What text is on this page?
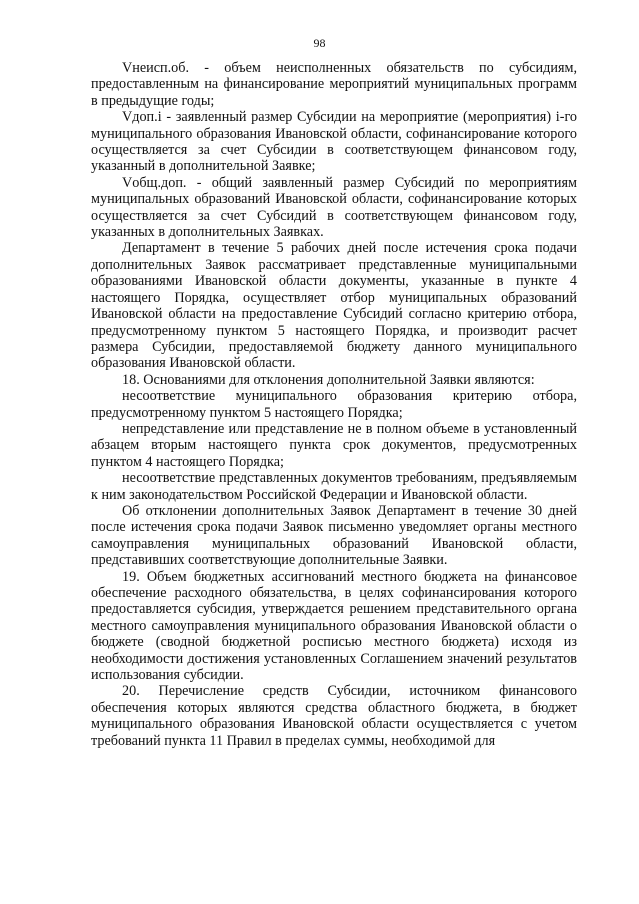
98

Vнеисп.об. - объем неисполненных обязательств по субсидиям, предоставленным на финансирование мероприятий муниципальных программ в предыдущие годы;

Vдоп.i - заявленный размер Субсидии на мероприятие (мероприятия) i-го муниципального образования Ивановской области, софинансирование которого осуществляется за счет Субсидии в соответствующем финансовом году, указанный в дополнительной Заявке;

Vобщ.доп. - общий заявленный размер Субсидий по мероприятиям муниципальных образований Ивановской области, софинансирование которых осуществляется за счет Субсидий в соответствующем финансовом году, указанных в дополнительных Заявках.

Департамент в течение 5 рабочих дней после истечения срока подачи дополнительных Заявок рассматривает представленные муниципальными образованиями Ивановской области документы, указанные в пункте 4 настоящего Порядка, осуществляет отбор муниципальных образований Ивановской области на предоставление Субсидий согласно критерию отбора, предусмотренному пунктом 5 настоящего Порядка, и производит расчет размера Субсидии, предоставляемой бюджету данного муниципального образования Ивановской области.

18. Основаниями для отклонения дополнительной Заявки являются:

несоответствие муниципального образования критерию отбора, предусмотренному пунктом 5 настоящего Порядка;

непредставление или представление не в полном объеме в установленный абзацем вторым настоящего пункта срок документов, предусмотренных пунктом 4 настоящего Порядка;

несоответствие представленных документов требованиям, предъявляемым к ним законодательством Российской Федерации и Ивановской области.

Об отклонении дополнительных Заявок Департамент в течение 30 дней после истечения срока подачи Заявок письменно уведомляет органы местного самоуправления муниципальных образований Ивановской области, представивших соответствующие дополнительные Заявки.

19. Объем бюджетных ассигнований местного бюджета на финансовое обеспечение расходного обязательства, в целях софинансирования которого предоставляется субсидия, утверждается решением представительного органа местного самоуправления муниципального образования Ивановской области о бюджете (сводной бюджетной росписью местного бюджета) исходя из необходимости достижения установленных Соглашением значений результатов использования субсидии.

20. Перечисление средств Субсидии, источником финансового обеспечения которых являются средства областного бюджета, в бюджет муниципального образования Ивановской области осуществляется с учетом требований пункта 11 Правил в пределах суммы, необходимой для
